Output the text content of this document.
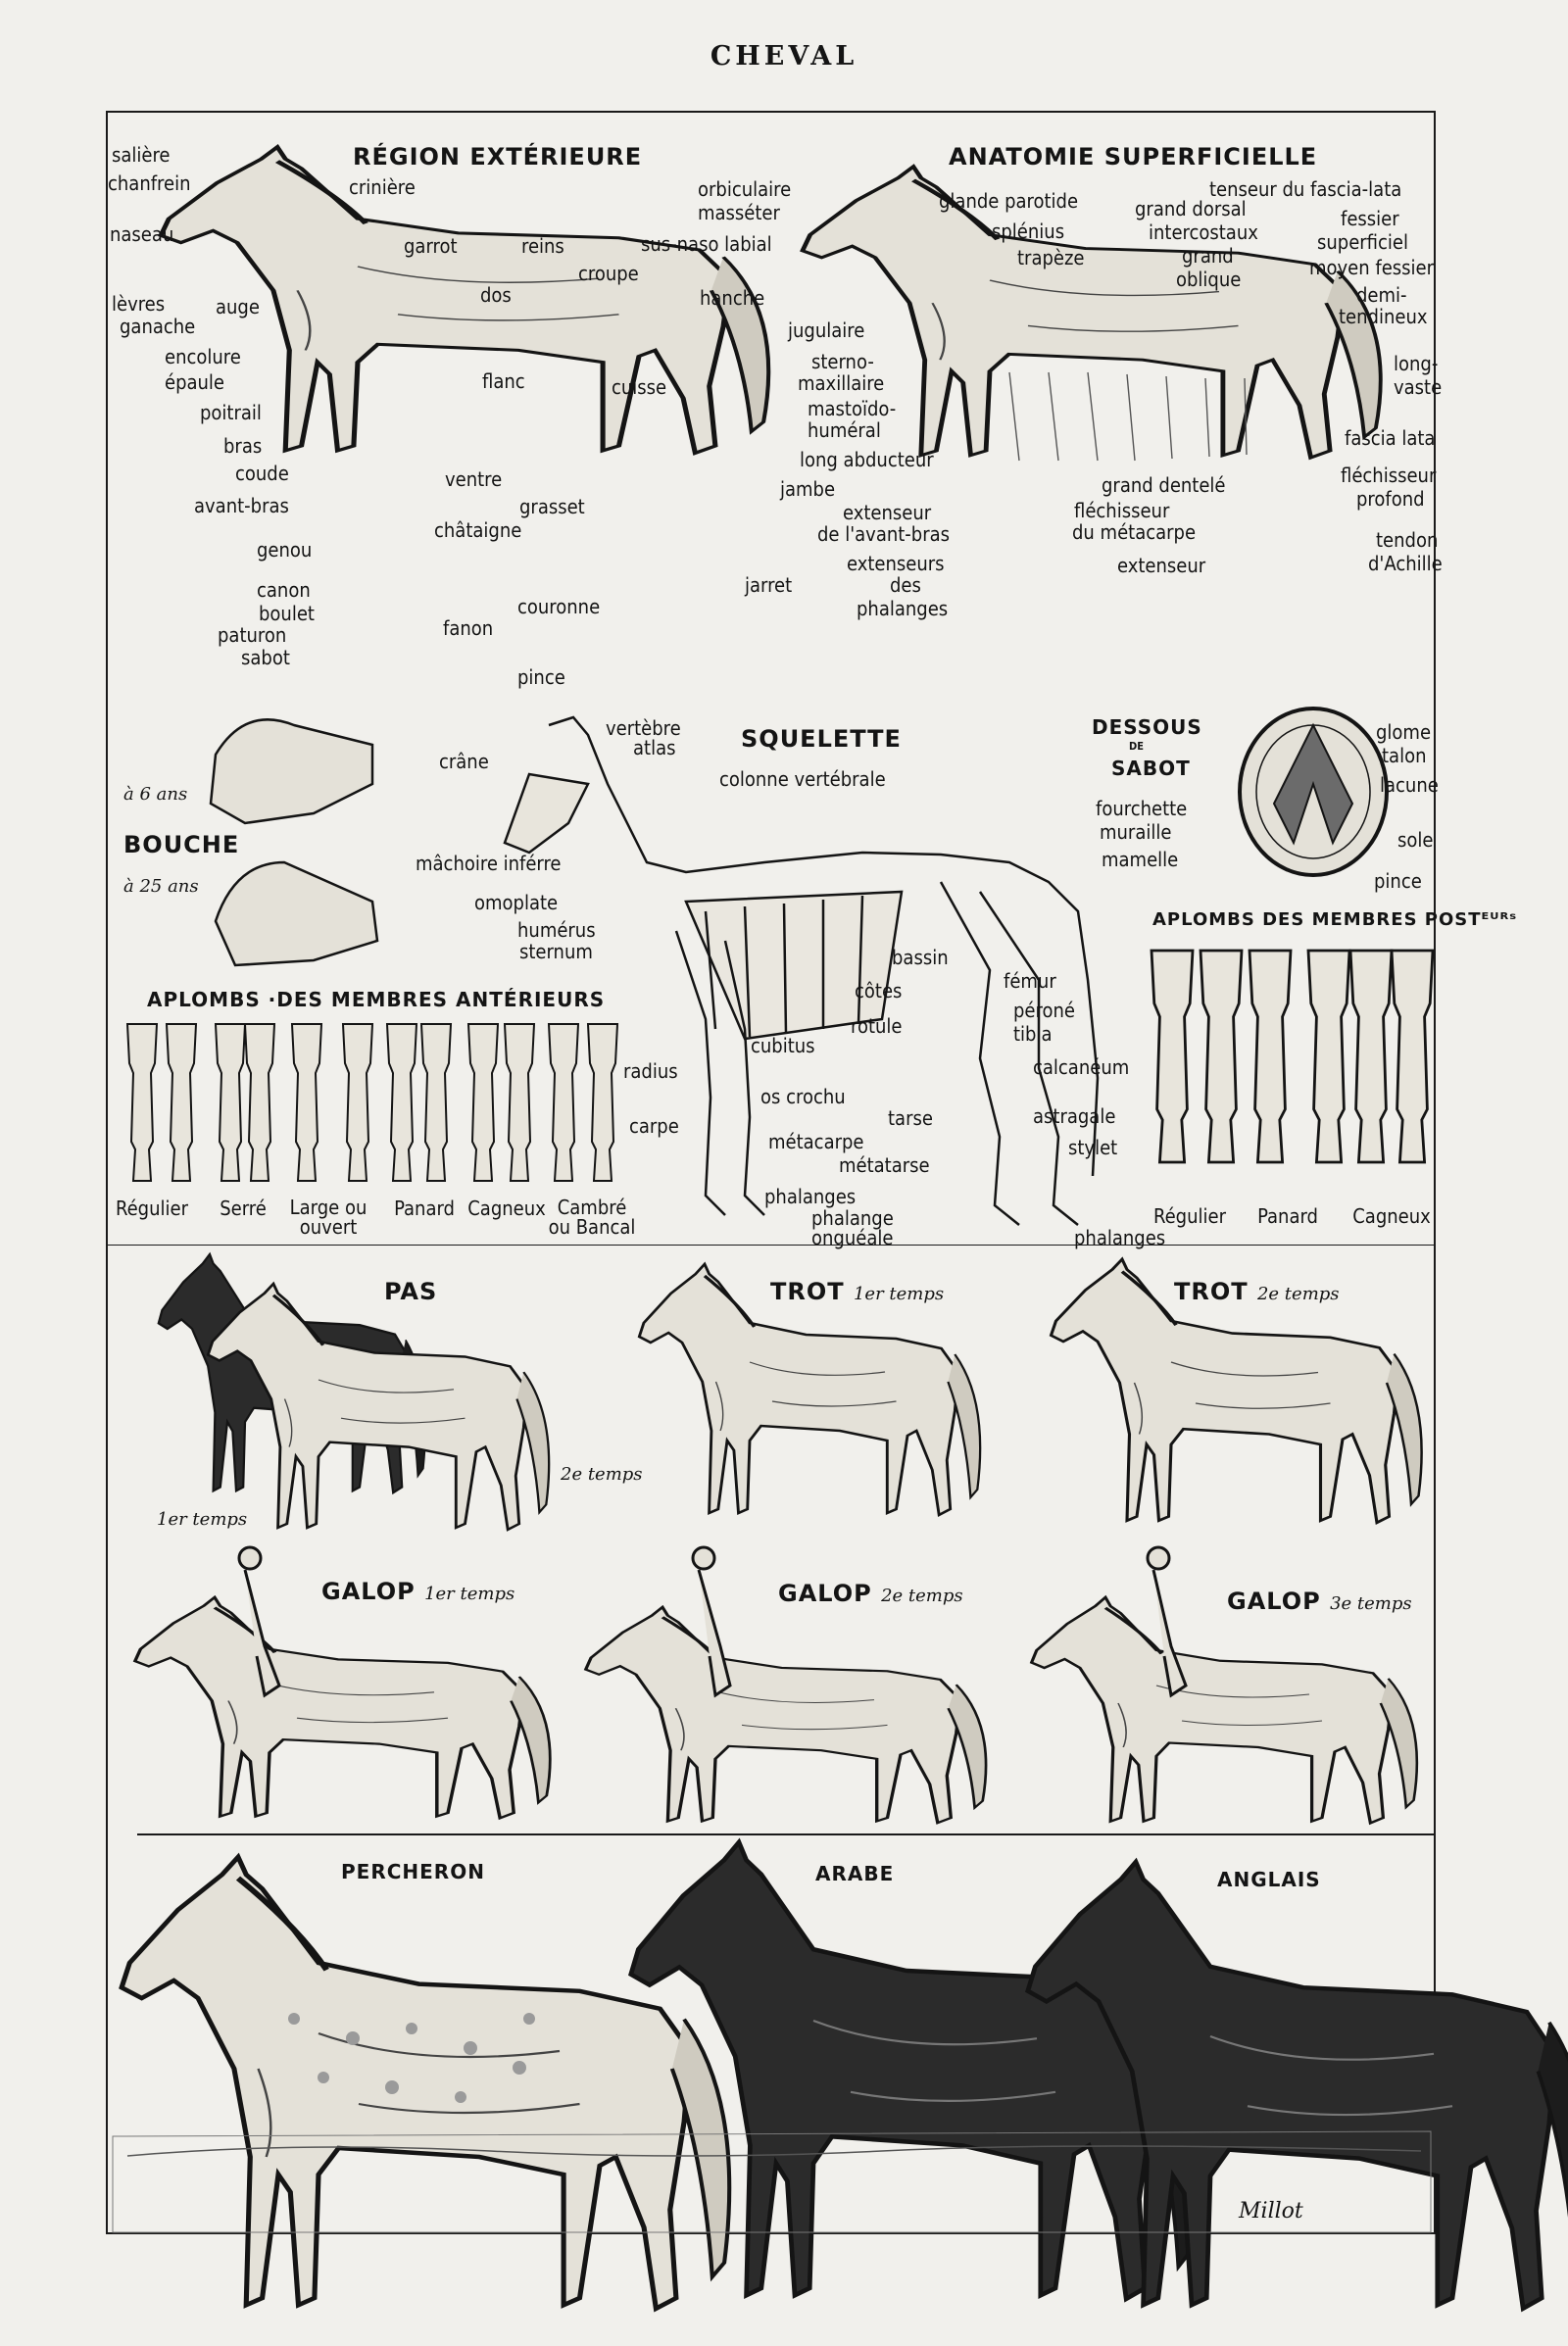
CHEVAL
RÉGION EXTÉRIEURE
salière
chanfrein
naseau
lèvres
ganache
auge
encolure
épaule
poitrail
bras
coude
avant-bras
genou
canon
boulet
paturon
sabot
crinière
garrot	reins
dos
croupe
hanche
flanc	cuisse
ventre
grasset
châtaigne
jambe
jarret
couronne
fanon
pince
ANATOMIE SUPERFICIELLE
orbiculaire
masséter
sus-naso labial
glande parotide
splénius
trapèze
grand dorsal
intercostaux
grand
oblique
tenseur du fascia-lata
fessier
superficiel
moyen fessier
demi-
tendineux
long-
vaste
fascia lata
fléchisseur
profond
tendon
d'Achille
jugulaire
sterno-
maxillaire
mastoïdo-
huméral
long abducteur
extenseur
de l'avant-bras
extenseurs
des
phalanges
fléchisseur
du métacarpe
grand dentelé
extenseur
à 6 ans
BOUCHE
à 25 ans
SQUELETTE
vertèbre
atlas
crâne
colonne vertébrale
mâchoire inférre
omoplate
humérus
sternum	bassin
fémur
côtes
péroné
rotule	tibia
cubitus
calcanéum
radius
os crochu
astragale
carpe	tarse
métacarpe	stylet
métatarse
phalanges
phalange
onguéale	phalanges
DESSOUS
DE
SABOT
glome
talon
lacune
fourchette
muraille	sole
mamelle
pince
APLOMBS ·DES MEMBRES ANTÉRIEURS
Régulier	Serré	Large ou
ouvert
Panard Cagneux Cambré
ou Bancal
APLOMBS DES MEMBRES POSTᴱᵁᴿˢ
Régulier	Panard	Cagneux
PAS
1er temps
2e temps
TROT 1er temps	TROT 2e temps
GALOP 1er temps	GALOP 2e temps	GALOP 3e temps
PERCHERON	ARABE	ANGLAIS
Millot
